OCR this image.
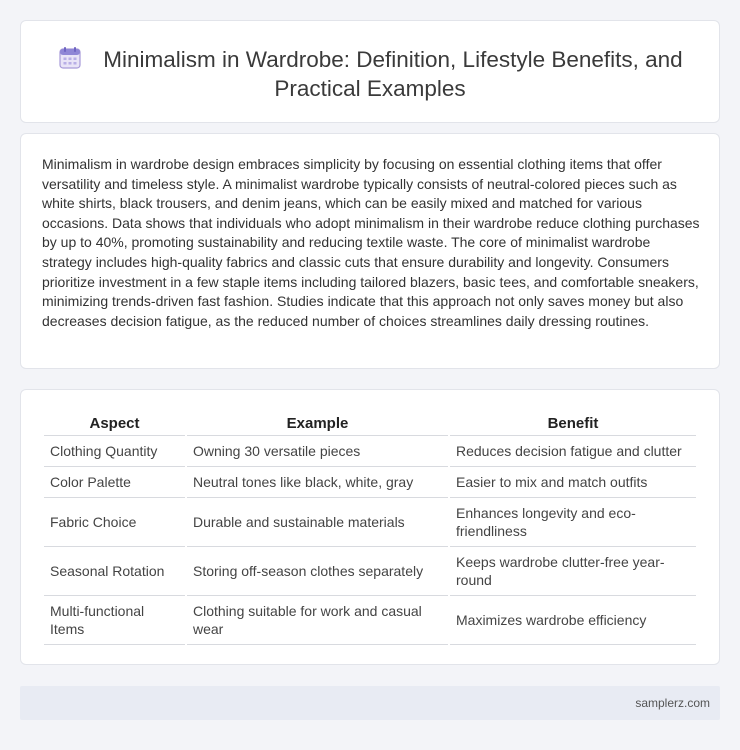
Minimalism in Wardrobe: Definition, Lifestyle Benefits, and Practical Examples

Minimalism in wardrobe design embraces simplicity by focusing on essential clothing items that offer versatility and timeless style. A minimalist wardrobe typically consists of neutral-colored pieces such as white shirts, black trousers, and denim jeans, which can be easily mixed and matched for various occasions. Data shows that individuals who adopt minimalism in their wardrobe reduce clothing purchases by up to 40%, promoting sustainability and reducing textile waste. The core of minimalist wardrobe strategy includes high-quality fabrics and classic cuts that ensure durability and longevity. Consumers prioritize investment in a few staple items including tailored blazers, basic tees, and comfortable sneakers, minimizing trends-driven fast fashion. Studies indicate that this approach not only saves money but also decreases decision fatigue, as the reduced number of choices streamlines daily dressing routines.

Aspect	Example	Benefit
Clothing Quantity	Owning 30 versatile pieces	Reduces decision fatigue and clutter
Color Palette	Neutral tones like black, white, gray	Easier to mix and match outfits
Fabric Choice	Durable and sustainable materials	Enhances longevity and eco-friendliness
Seasonal Rotation	Storing off-season clothes separately	Keeps wardrobe clutter-free year-round
Multi-functional Items	Clothing suitable for work and casual wear	Maximizes wardrobe efficiency
samplerz.com
